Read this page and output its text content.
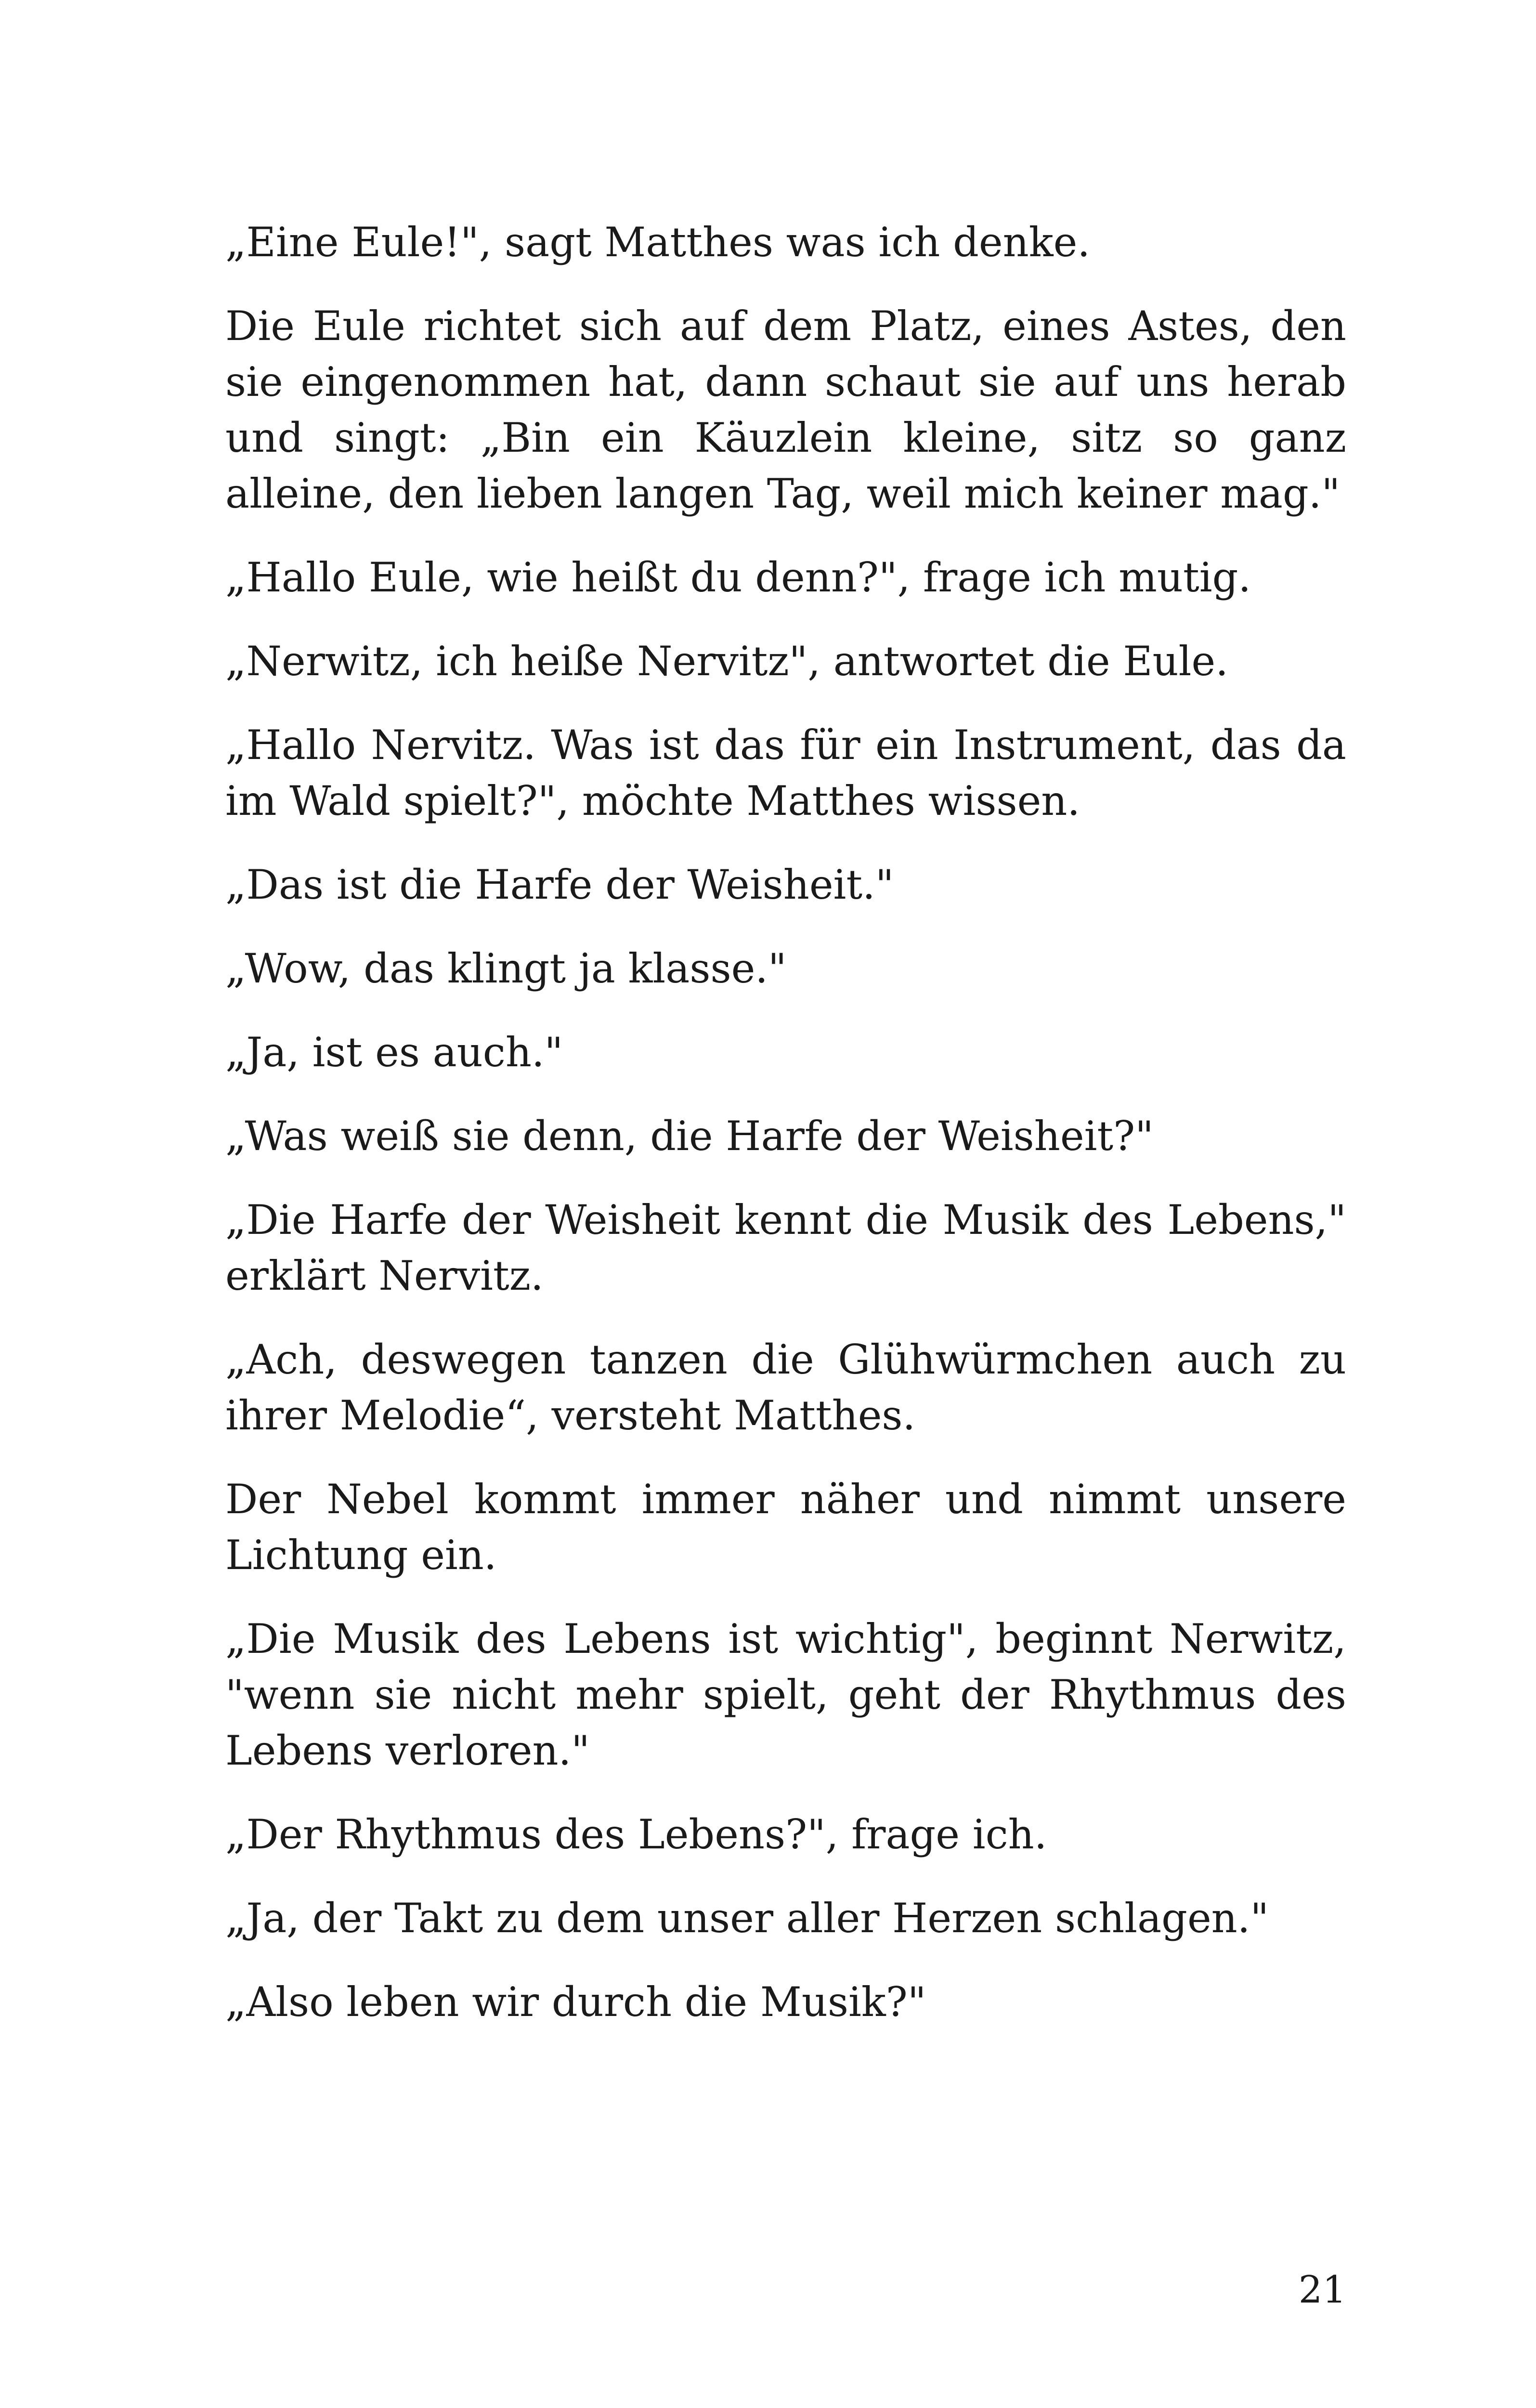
„Eine Eule!", sagt Matthes was ich denke.

Die Eule richtet sich auf dem Platz, eines Astes, den sie eingenommen hat, dann schaut sie auf uns herab und singt: „Bin ein Käuzlein kleine, sitz so ganz alleine, den lieben langen Tag, weil mich keiner mag."

„Hallo Eule, wie heißt du denn?", frage ich mutig.

„Nerwitz, ich heiße Nervitz", antwortet die Eule.

„Hallo Nervitz. Was ist das für ein Instrument, das da im Wald spielt?", möchte Matthes wissen.

„Das ist die Harfe der Weisheit."

„Wow, das klingt ja klasse."

„Ja, ist es auch."

„Was weiß sie denn, die Harfe der Weisheit?"

„Die Harfe der Weisheit kennt die Musik des Lebens," erklärt Nervitz.

„Ach, deswegen tanzen die Glühwürmchen auch zu ihrer Melodie“, versteht Matthes.

Der Nebel kommt immer näher und nimmt unsere Lichtung ein.

„Die Musik des Lebens ist wichtig", beginnt Nerwitz, "wenn sie nicht mehr spielt, geht der Rhythmus des Lebens verloren."

„Der Rhythmus des Lebens?", frage ich.

„Ja, der Takt zu dem unser aller Herzen schlagen."

„Also leben wir durch die Musik?"

21
